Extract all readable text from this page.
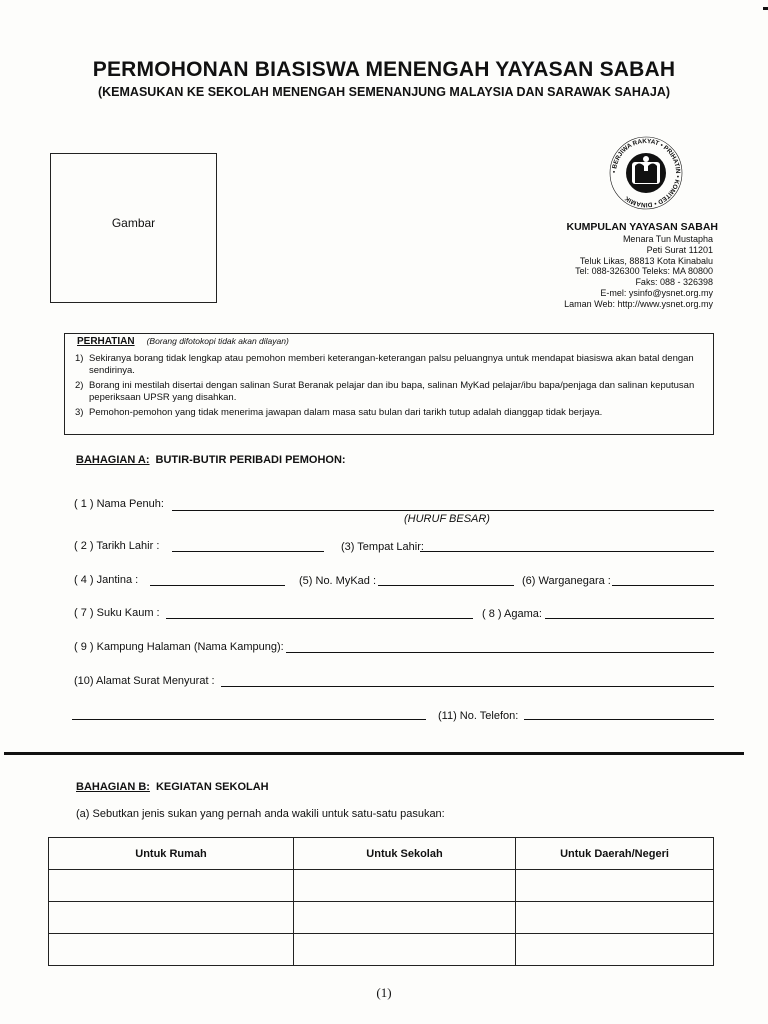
PERMOHONAN BIASISWA MENENGAH YAYASAN SABAH
(KEMASUKAN KE SEKOLAH MENENGAH SEMENANJUNG MALAYSIA DAN SARAWAK SAHAJA)
Gambar
• BERJIWA RAKYAT • PRIHATIN • KOMITED • DINAMIK
KUMPULAN YAYASAN SABAH
Menara Tun Mustapha
Peti Surat 11201
Teluk Likas, 88813 Kota Kinabalu
Tel: 088-326300 Teleks: MA 80800
Faks: 088 - 326398
E-mel: ysinfo@ysnet.org.my
Laman Web: http://www.ysnet.org.my
PERHATIAN (Borang difotokopi tidak akan dilayan)
1) Sekiranya borang tidak lengkap atau pemohon memberi keterangan-keterangan palsu peluangnya untuk mendapat biasiswa akan batal dengan sendirinya.
2) Borang ini mestilah disertai dengan salinan Surat Beranak pelajar dan ibu bapa, salinan MyKad pelajar/ibu bapa/penjaga dan salinan keputusan peperiksaan UPSR yang disahkan.
3) Pemohon-pemohon yang tidak menerima jawapan dalam masa satu bulan dari tarikh tutup adalah dianggap tidak berjaya.
BAHAGIAN A: BUTIR-BUTIR PERIBADI PEMOHON:
( 1 ) Nama Penuh:
(HURUF BESAR)
( 2 ) Tarikh Lahir :	(3) Tempat Lahir:
( 4 ) Jantina :	(5) No. MyKad :	(6) Warganegara :
( 7 ) Suku Kaum :	( 8 ) Agama:
( 9 ) Kampung Halaman (Nama Kampung):
(10) Alamat Surat Menyurat :
(11) No. Telefon:
BAHAGIAN B: KEGIATAN SEKOLAH
(a) Sebutkan jenis sukan yang pernah anda wakili untuk satu-satu pasukan:
Untuk Rumah	Untuk Sekolah	Untuk Daerah/Negeri

(1)
